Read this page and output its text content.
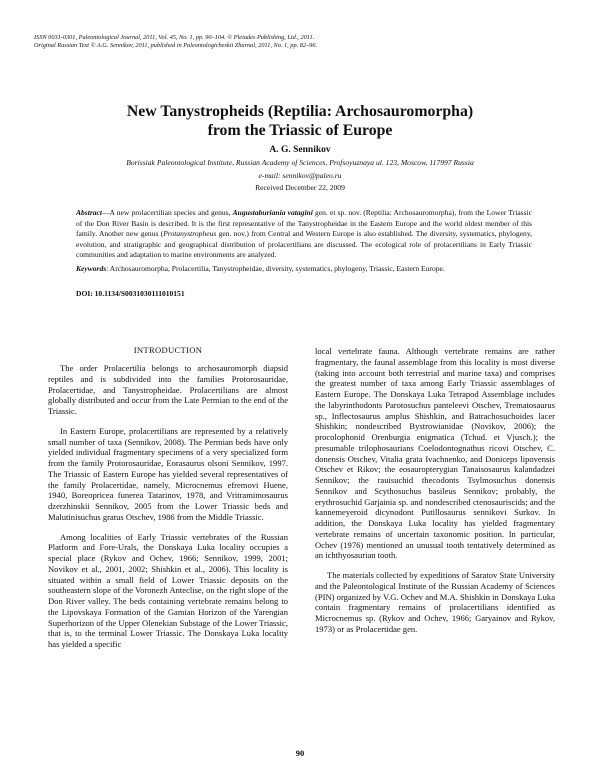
ISSN 0031-0301, Paleontological Journal, 2011, Vol. 45, No. 1, pp. 90–104. © Pleiades Publishing, Ltd., 2011.
Original Russian Text © A.G. Sennikov, 2011, published in Paleontologicheskii Zhurnal, 2011, No. 1, pp. 82–96.
New Tanystropheids (Reptilia: Archosauromorpha)
from the Triassic of Europe
A. G. Sennikov
Borissiak Paleontological Institute, Russian Academy of Sciences, Profsoyuznaya ul. 123, Moscow, 117997 Russia
e-mail: sennikov@paleo.ru
Received December 22, 2009
Abstract—A new prolacertilian species and genus, Augustaburiania vatagini gen. et sp. nov. (Reptilia: Archosauromorpha), from the Lower Triassic of the Don River Basin is described. It is the first representative of the Tanystropheidae in the Eastern Europe and the world oldest member of this family. Another new genus (Protanystropheus gen. nov.) from Central and Western Europe is also established. The diversity, systematics, phylogeny, evolution, and stratigraphic and geographical distribution of prolacertilians are discussed. The ecological role of prolacertilians in Early Triassic communities and adaptation to marine environments are analyzed.
Keywords: Archosauromorpha, Prolacertilia, Tanystropheidae, diversity, systematics, phylogeny, Triassic, Eastern Europe.
DOI: 10.1134/S0031030111010151
INTRODUCTION

The order Prolacertilia belongs to archosauromorph diapsid reptiles and is subdivided into the families Protorosauridae, Prolacertidae, and Tanystropheidae. Prolacertilians are almost globally distributed and occur from the Late Permian to the end of the Triassic.

In Eastern Europe, prolacertilians are represented by a relatively small number of taxa (Sennikov, 2008). The Permian beds have only yielded individual fragmentary specimens of a very specialized form from the family Protorosauridae, Eorasaurus olsoni Sennikov, 1997. The Triassic of Eastern Europe has yielded several representatives of the family Prolacertidae, namely, Microcnemus efremovi Huene, 1940, Boreopricea funerea Tatarinov, 1978, and Vritramimosaurus dzerzhinskii Sennikov, 2005 from the Lower Triassic beds and Malutinisuchus gratus Otschev, 1986 from the Middle Triassic.

Among localities of Early Triassic vertebrates of the Russian Platform and Fore-Urals, the Donskaya Luka locality occupies a special place (Rykov and Ochev, 1966; Sennikov, 1999, 2001; Novikov et al., 2001, 2002; Shishkin et al., 2006). This locality is situated within a small field of Lower Triassic deposits on the southeastern slope of the Voronezh Anteclise, on the right slope of the Don River valley. The beds containing vertebrate remains belong to the Lipovskaya Formation of the Gamian Horizon of the Yarengian Superhorizon of the Upper Olenekian Substage of the Lower Triassic, that is, to the terminal Lower Triassic. The Donskaya Luka locality has yielded a specific

local vertebrate fauna. Although vertebrate remains are rather fragmentary, the faunal assemblage from this locality is most diverse (taking into account both terrestrial and marine taxa) and comprises the greatest number of taxa among Early Triassic assemblages of Eastern Europe. The Donskaya Luka Tetrapod Assemblage includes the labyrinthodonts Parotosuchus panteleevi Otschev, Trematosaurus sp., Inflectosaurus amplus Shishkin, and Batrachosuchoides lacer Shishkin; nondescribed Bystrowianidae (Novikov, 2006); the procolophonid Orenburgia enigmatica (Tchud. et Vjusch.); the presumable trilophosaurians Coelodontognathus ricovi Otschev, C. donensis Otschev, Vitalia grata Ivachnenko, and Doniceps lipovensis Otschev et Rikov; the eosauropterygian Tanaisosaurus kalandadzei Sennikov; the rauisuchid thecodonts Tsylmosuchus donensis Sennikov and Scythosuchus basileus Sennikov; probably, the erythrosuchid Garjainia sp. and nondescribed ctenosauriscids; and the kannemeyeroid dicynodont Putillosaurus sennikovi Surkov. In addition, the Donskaya Luka locality has yielded fragmentary vertebrate remains of uncertain taxonomic position. In particular, Ochev (1976) mentioned an unusual tooth tentatively determined as an ichthyosaurian tooth.

The materials collected by expeditions of Saratov State University and the Paleontological Institute of the Russian Academy of Sciences (PIN) organized by V.G. Ochev and M.A. Shishkin in Donskaya Luka contain fragmentary remains of prolacertilians identified as Microcnemus sp. (Rykov and Ochev, 1966; Garyainov and Rykov, 1973) or as Prolacertidae gen.

90
